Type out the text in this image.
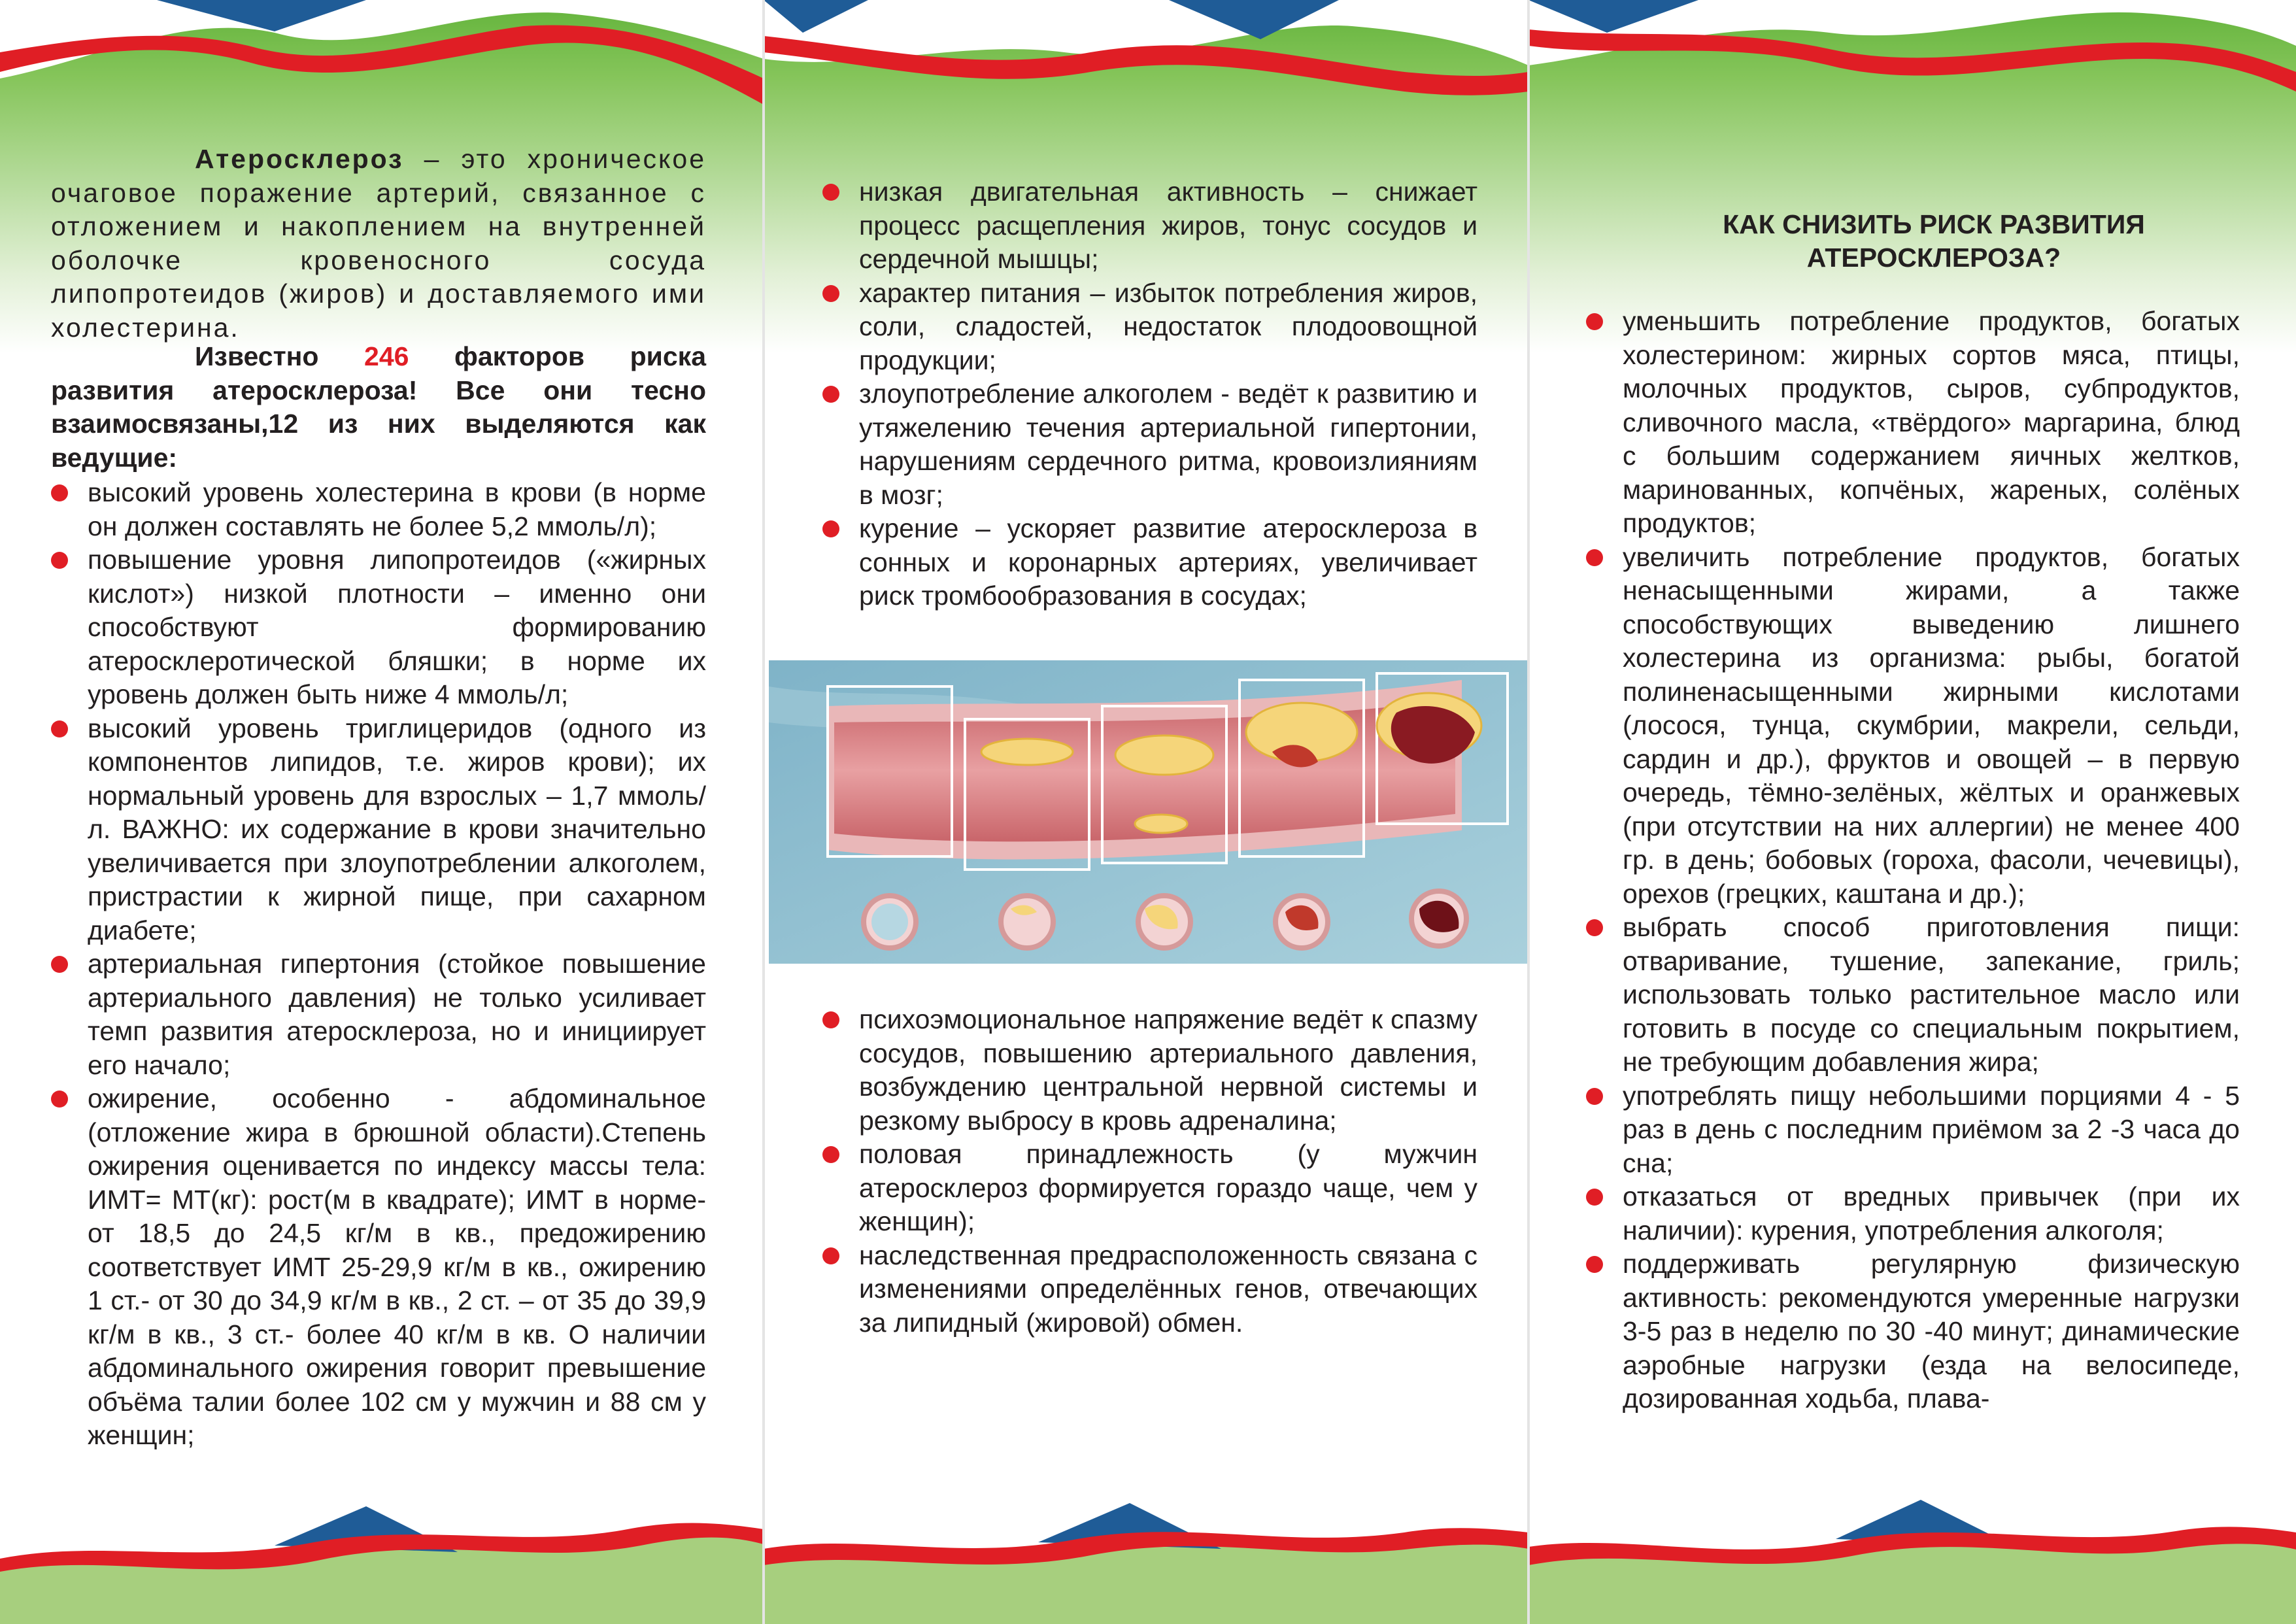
Атеросклероз – это хроническое очаговое поражение артерий, связанное с отложением и накоплением на внутренней оболочке кровеносного сосуда липопротеидов (жиров) и доставляемого ими холестерина.

Известно 246 факторов риска развития атеросклероза! Все они тесно взаимосвязаны,12 из них выделяются как ведущие:

высокий уровень холестерина в крови (в норме он должен составлять не более 5,2 ммоль/л);
повышение уровня липопротеидов («жирных кислот») низкой плотности – именно они способствуют формированию атеросклеротической бляшки; в норме их уровень должен быть ниже 4 ммоль/л;
высокий уровень триглицеридов (одного из компонентов липидов, т.е. жиров крови); их нормальный уровень для взрослых – 1,7 ммоль/л. ВАЖНО: их содержание в крови значительно увеличивается при злоупотреблении алкоголем, пристрастии к жирной пище, при сахарном диабете;
артериальная гипертония (стойкое повышение артериального давления) не только усиливает темп развития атеросклероза, но и инициирует его начало;
ожирение, особенно - абдоминальное (отложение жира в брюшной области).Степень ожирения оценивается по индексу массы тела: ИМТ= МТ(кг): рост(м в квадрате); ИМТ в норме-от 18,5 до 24,5 кг/м в кв., предожирению соответствует ИМТ 25-29,9 кг/м в кв., ожирению 1 ст.- от 30 до 34,9 кг/м в кв., 2 ст. – от 35 до 39,9 кг/м в кв., 3 ст.- более 40 кг/м в кв. О наличии абдоминального ожирения говорит превышение объёма талии более 102 см у мужчин и 88 см у женщин;
низкая двигательная активность – снижает процесс расщепления жиров, тонус сосудов и сердечной мышцы;
характер питания – избыток потребления жиров, соли, сладостей, недостаток плодоовощной продукции;
злоупотребление алкоголем - ведёт к развитию и утяжелению течения артериальной гипертонии, нарушениям сердечного ритма, кровоизлияниям в мозг;
курение – ускоряет развитие атеросклероза в сонных и коронарных артериях, увеличивает риск тромбообразования в сосудах;
психоэмоциональное напряжение ведёт к спазму сосудов, повышению артериального давления, возбуждению центральной нервной системы и резкому выбросу в кровь адреналина;
половая принадлежность (у мужчин атеросклероз формируется гораздо чаще, чем у женщин);
наследственная предрасположенность связана с изменениями определённых генов, отвечающих за липидный (жировой) обмен.
КАК СНИЗИТЬ РИСК РАЗВИТИЯ
АТЕРОСКЛЕРОЗА?
уменьшить потребление продуктов, богатых холестерином: жирных сортов мяса, птицы, молочных продуктов, сыров, субпродуктов, сливочного масла, «твёрдого» маргарина, блюд с большим содержанием яичных желтков, маринованных, копчёных, жареных, солёных продуктов;
увеличить потребление продуктов, богатых ненасыщенными жирами, а также способствующих выведению лишнего холестерина из организма: рыбы, богатой полиненасыщенными жирными кислотами (лосося, тунца, скумбрии, макрели, сельди, сардин и др.), фруктов и овощей – в первую очередь, тёмно-зелёных, жёлтых и оранжевых (при отсутствии на них аллергии) не менее 400 гр. в день; бобовых (гороха, фасоли, чечевицы), орехов (грецких, каштана и др.);
выбрать способ приготовления пищи: отваривание, тушение, запекание, гриль; использовать только растительное масло или готовить в посуде со специальным покрытием, не требующим добавления жира;
употреблять пищу небольшими порциями 4 - 5 раз в день с последним приёмом за 2 -3 часа до сна;
отказаться от вредных привычек (при их наличии): курения, употребления алкоголя;
поддерживать регулярную физическую активность: рекомендуются умеренные нагрузки 3-5 раз в неделю по 30 -40 минут; динамические аэробные нагрузки (езда на велосипеде, дозированная ходьба, плава-
